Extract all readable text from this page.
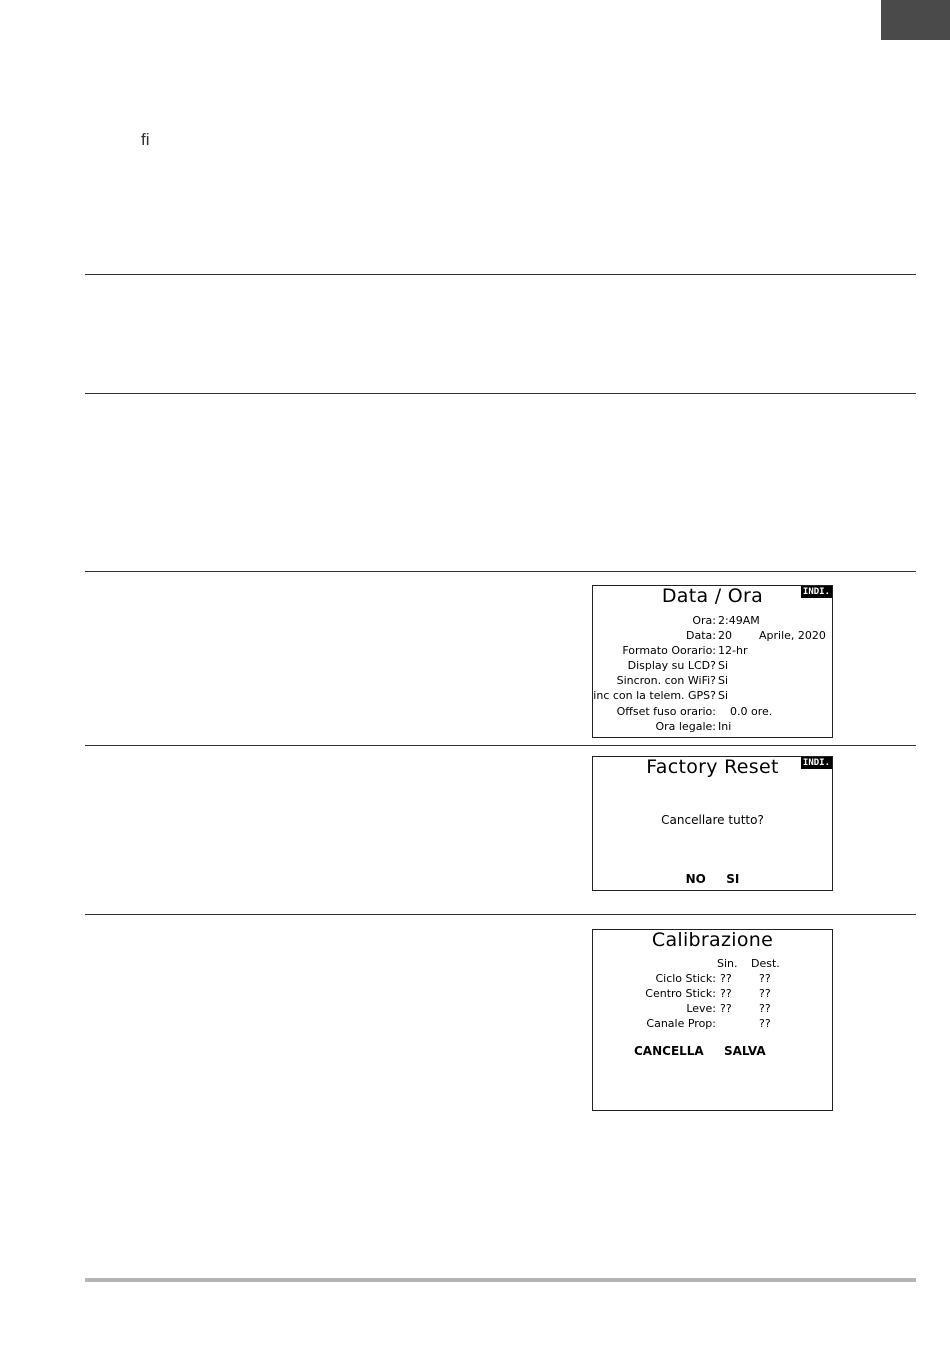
fi
Data / Ora	INDI.
Ora: 2:49AM
Data: 20 Aprile, 2020
Formato Oorario: 12-hr
Display su LCD? Si
Sincron. con WiFi? Si
inc con la telem. GPS? Si
Offset fuso orario: 0.0 ore.
Ora legale: Ini
Factory Reset	INDI.
Cancellare tutto?
NO SI
Calibrazione
Sin. Dest.
Ciclo Stick: ?? ??
Centro Stick: ?? ??
Leve: ?? ??
Canale Prop:	??
CANCELLA SALVA
